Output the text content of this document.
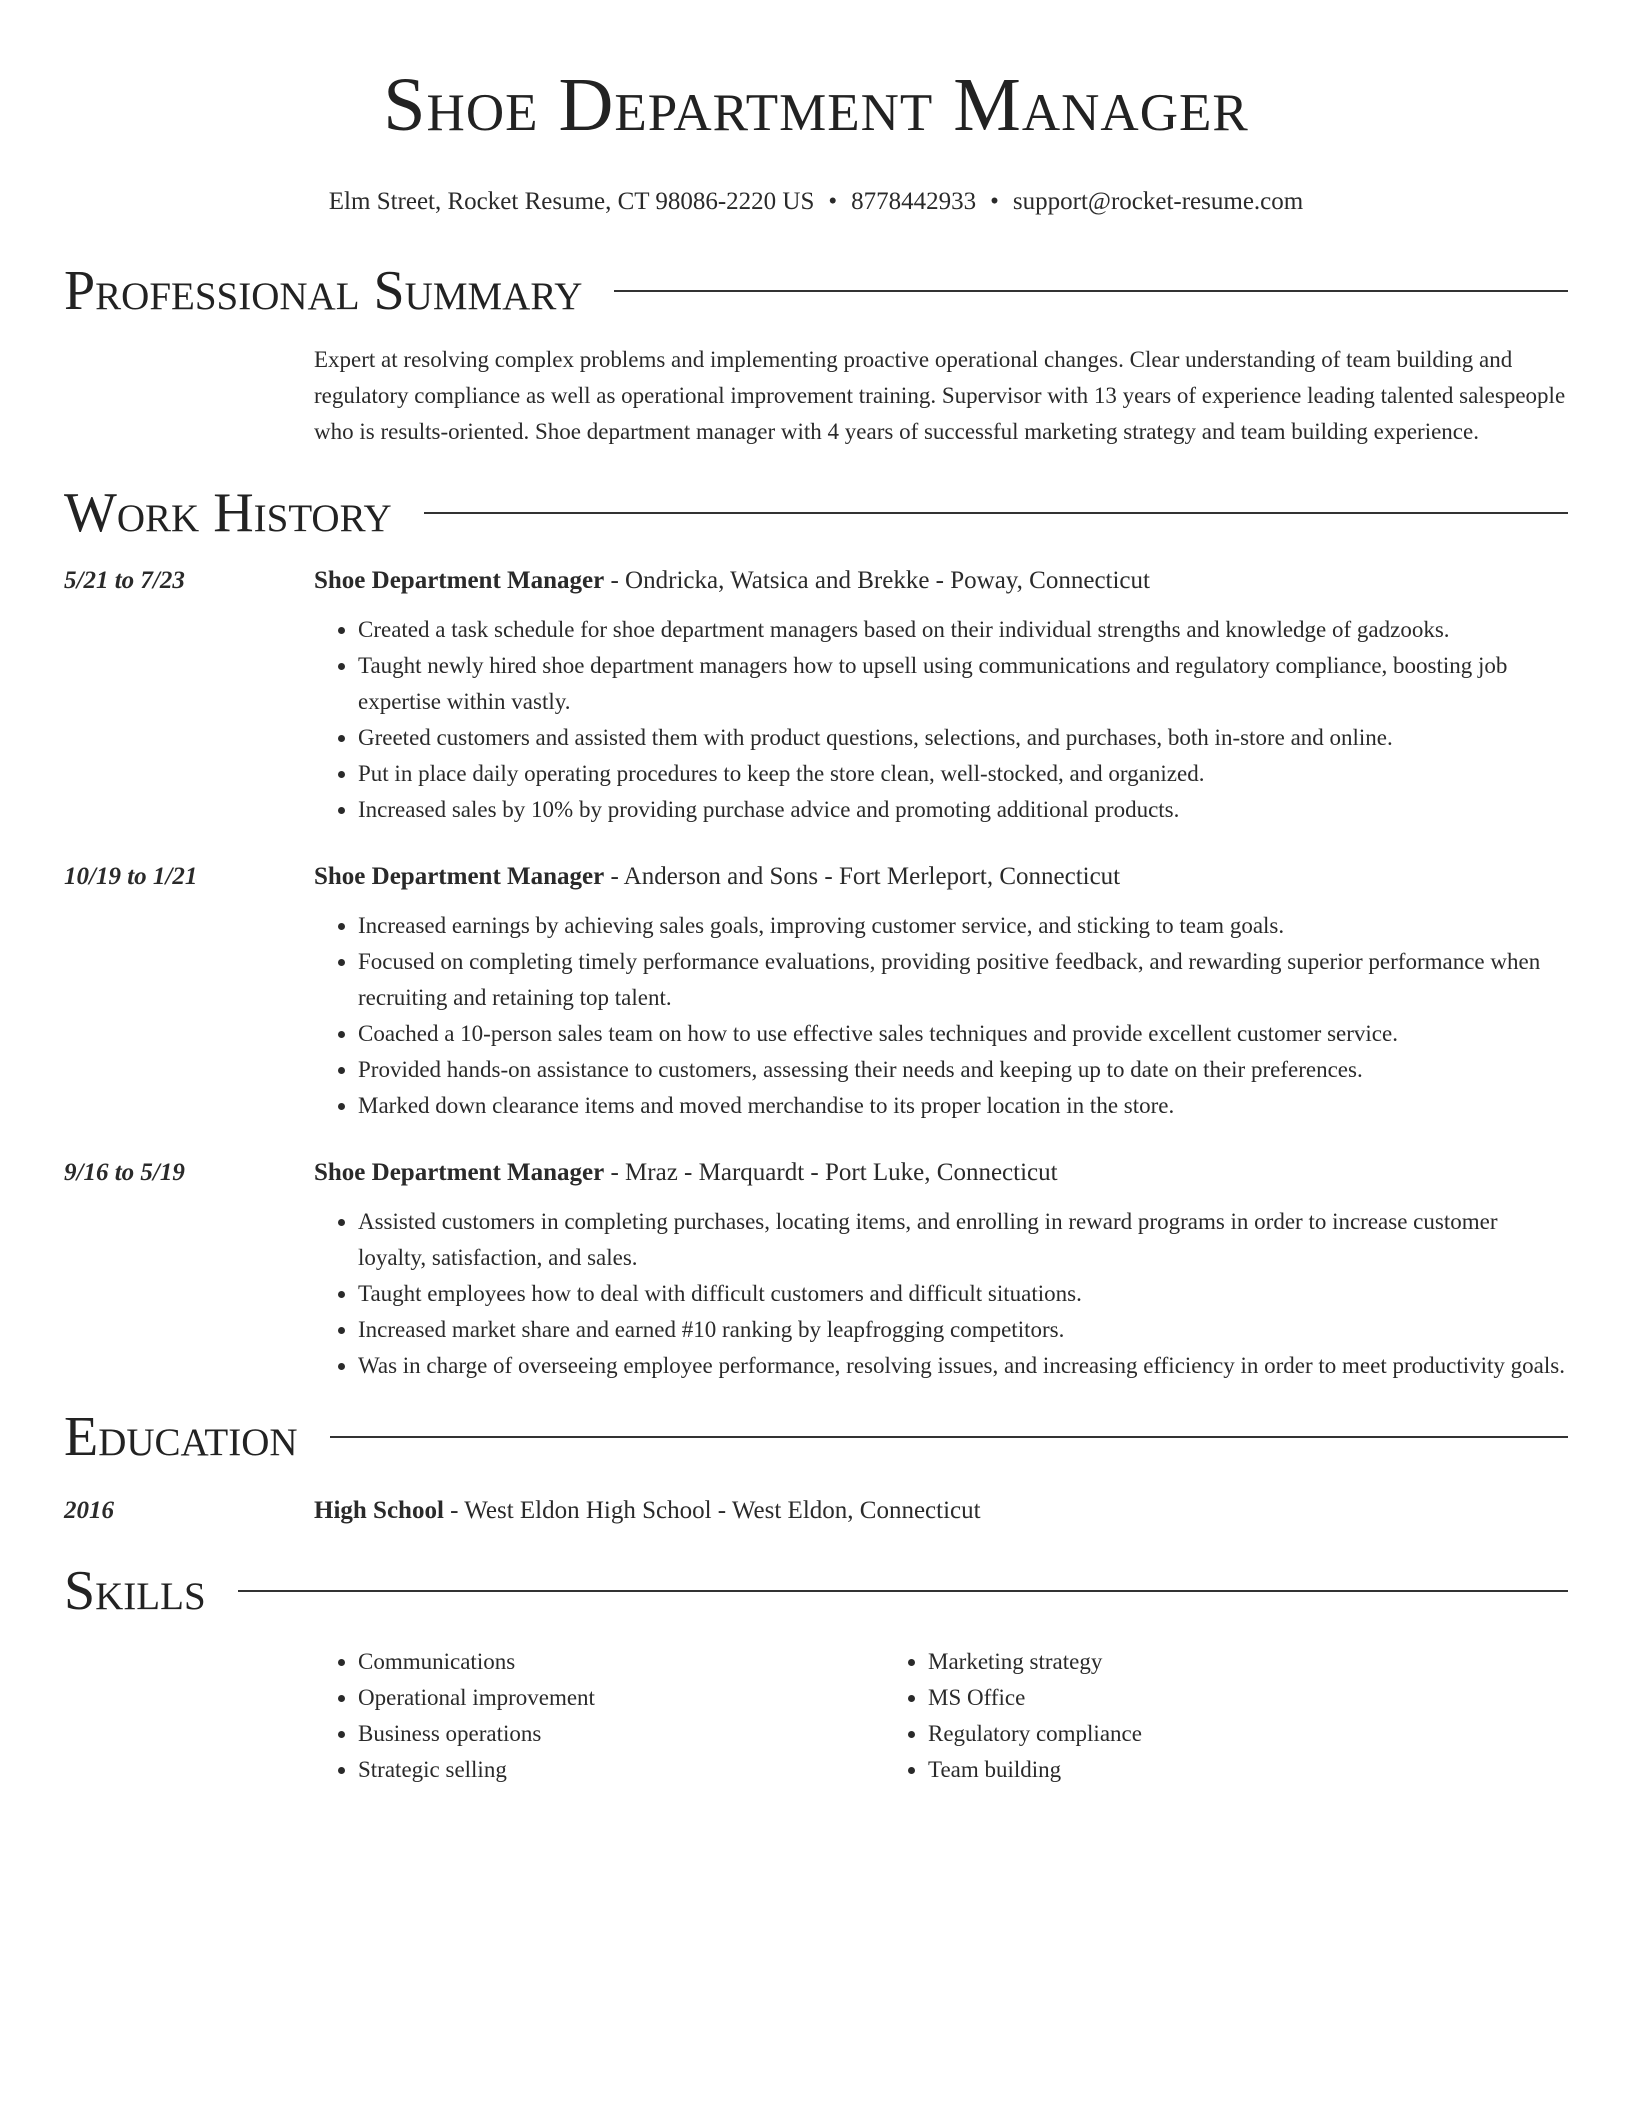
Shoe Department Manager
Elm Street, Rocket Resume, CT 98086-2220 US • 8778442933 • support@rocket-resume.com
Professional Summary
Expert at resolving complex problems and implementing proactive operational changes. Clear understanding of team building and regulatory compliance as well as operational improvement training. Supervisor with 13 years of experience leading talented salespeople who is results-oriented. Shoe department manager with 4 years of successful marketing strategy and team building experience.
Work History
5/21 to 7/23	Shoe Department Manager - Ondricka, Watsica and Brekke - Poway, Connecticut
• Created a task schedule for shoe department managers based on their individual strengths and knowledge of gadzooks.
• Taught newly hired shoe department managers how to upsell using communications and regulatory compliance, boosting job expertise within vastly.
• Greeted customers and assisted them with product questions, selections, and purchases, both in-store and online.
• Put in place daily operating procedures to keep the store clean, well-stocked, and organized.
• Increased sales by 10% by providing purchase advice and promoting additional products.
10/19 to 1/21	Shoe Department Manager - Anderson and Sons - Fort Merleport, Connecticut
• Increased earnings by achieving sales goals, improving customer service, and sticking to team goals.
• Focused on completing timely performance evaluations, providing positive feedback, and rewarding superior performance when recruiting and retaining top talent.
• Coached a 10-person sales team on how to use effective sales techniques and provide excellent customer service.
• Provided hands-on assistance to customers, assessing their needs and keeping up to date on their preferences.
• Marked down clearance items and moved merchandise to its proper location in the store.
9/16 to 5/19	Shoe Department Manager - Mraz - Marquardt - Port Luke, Connecticut
• Assisted customers in completing purchases, locating items, and enrolling in reward programs in order to increase customer loyalty, satisfaction, and sales.
• Taught employees how to deal with difficult customers and difficult situations.
• Increased market share and earned #10 ranking by leapfrogging competitors.
• Was in charge of overseeing employee performance, resolving issues, and increasing efficiency in order to meet productivity goals.
Education
2016	High School - West Eldon High School - West Eldon, Connecticut
Skills
• Communications
• Operational improvement
• Business operations
• Strategic selling
• Marketing strategy
• MS Office
• Regulatory compliance
• Team building
